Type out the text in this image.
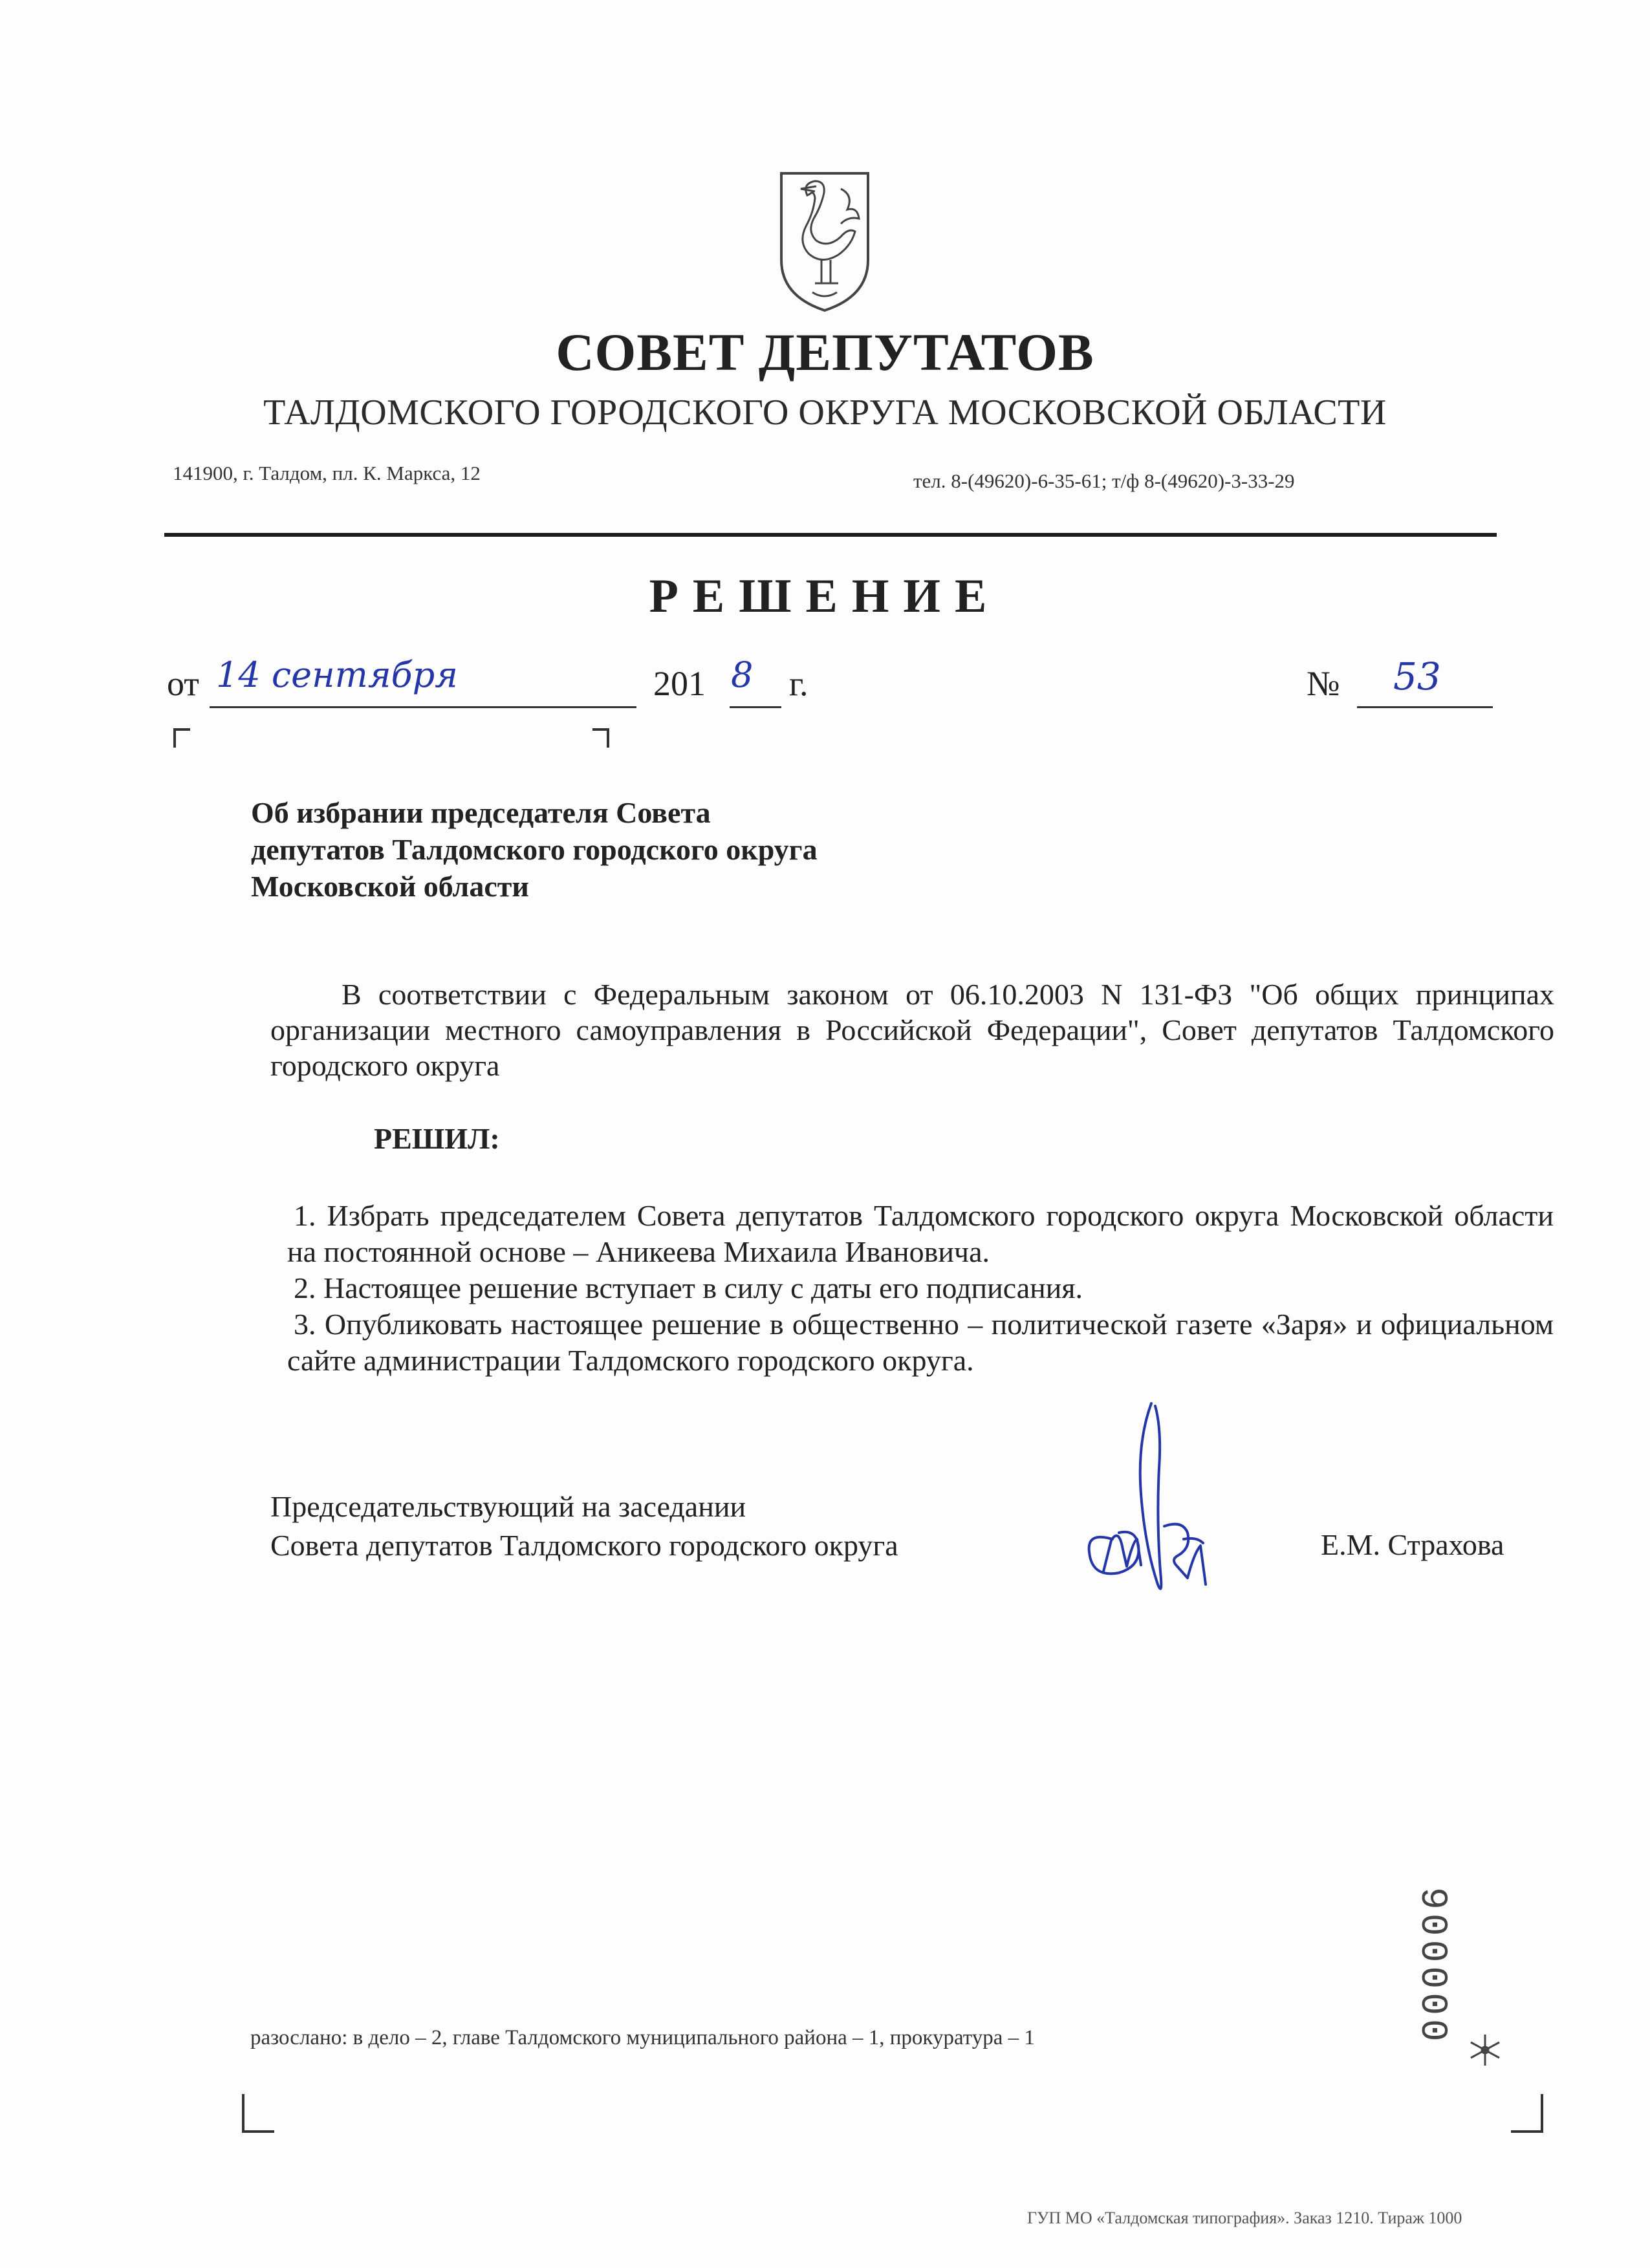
СОВЕТ ДЕПУТАТОВ
ТАЛДОМСКОГО ГОРОДСКОГО ОКРУГА МОСКОВСКОЙ ОБЛАСТИ
141900, г. Талдом, пл. К. Маркса, 12	тел. 8-(49620)-6-35-61; т/ф 8-(49620)-3-33-29
РЕШЕНИЕ
от 14 сентября	201 8 г.	№ 53
Об избрании председателя Совета
депутатов Талдомского городского округа
Московской области
В соответствии с Федеральным законом от 06.10.2003 N 131-ФЗ "Об общих принципах организации местного самоуправления в Российской Федерации", Совет депутатов Талдомского городского округа
РЕШИЛ:
1. Избрать председателем Совета депутатов Талдомского городского округа Московской области на постоянной основе – Аникеева Михаила Ивановича.
2. Настоящее решение вступает в силу с даты его подписания.
3. Опубликовать настоящее решение в общественно – политической газете «Заря» и официальном сайте администрации Талдомского городского округа.
Председательствующий на заседании
Совета депутатов Талдомского городского округа	Е.М. Страхова
разослано: в дело – 2, главе Талдомского муниципального района – 1, прокуратура – 1	900000
ГУП МО «Талдомская типография». Заказ 1210. Тираж 1000
